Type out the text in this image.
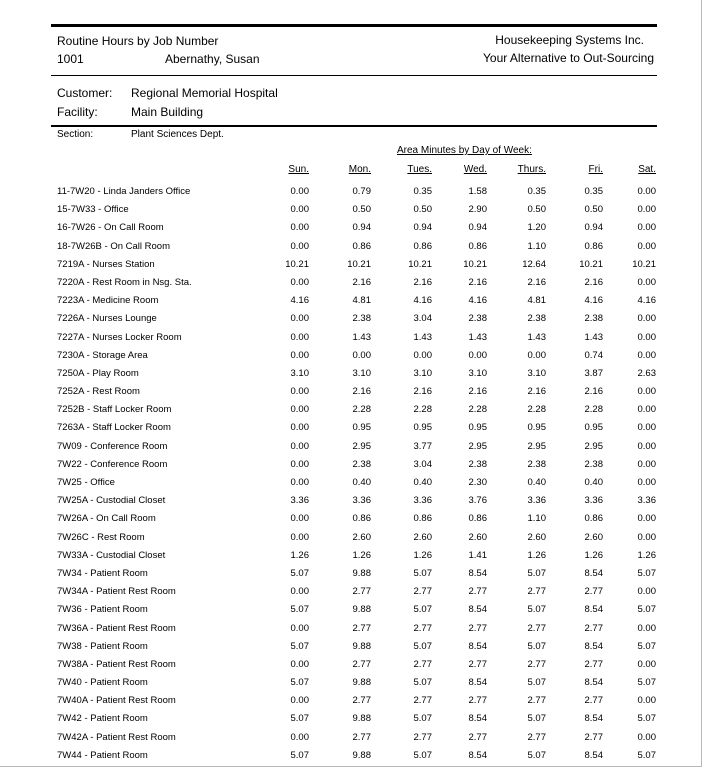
Routine Hours by Job Number
1001	Abernathy, Susan
Housekeeping Systems Inc.
Your Alternative to Out-Sourcing
Customer: Regional Memorial Hospital
Facility:	Main Building
Section:	Plant Sciences Dept.
Area Minutes by Day of Week:
Sun.	Mon.	Tues.	Wed.	Thurs.	Fri.	Sat.
11-7W20 - Linda Janders Office	0.00	0.79	0.35	1.58	0.35	0.35	0.00
15-7W33 - Office	0.00	0.50	0.50	2.90	0.50	0.50	0.00
16-7W26 - On Call Room	0.00	0.94	0.94	0.94	1.20	0.94	0.00
18-7W26B - On Call Room	0.00	0.86	0.86	0.86	1.10	0.86	0.00
7219A - Nurses Station	10.21	10.21	10.21	10.21	12.64	10.21	10.21
7220A - Rest Room in Nsg. Sta.	0.00	2.16	2.16	2.16	2.16	2.16	0.00
7223A - Medicine Room	4.16	4.81	4.16	4.16	4.81	4.16	4.16
7226A - Nurses Lounge	0.00	2.38	3.04	2.38	2.38	2.38	0.00
7227A - Nurses Locker Room	0.00	1.43	1.43	1.43	1.43	1.43	0.00
7230A - Storage Area	0.00	0.00	0.00	0.00	0.00	0.74	0.00
7250A - Play Room	3.10	3.10	3.10	3.10	3.10	3.87	2.63
7252A - Rest Room	0.00	2.16	2.16	2.16	2.16	2.16	0.00
7252B - Staff Locker Room	0.00	2.28	2.28	2.28	2.28	2.28	0.00
7263A - Staff Locker Room	0.00	0.95	0.95	0.95	0.95	0.95	0.00
7W09 - Conference Room	0.00	2.95	3.77	2.95	2.95	2.95	0.00
7W22 - Conference Room	0.00	2.38	3.04	2.38	2.38	2.38	0.00
7W25 - Office	0.00	0.40	0.40	2.30	0.40	0.40	0.00
7W25A - Custodial Closet	3.36	3.36	3.36	3.76	3.36	3.36	3.36
7W26A - On Call Room	0.00	0.86	0.86	0.86	1.10	0.86	0.00
7W26C - Rest Room	0.00	2.60	2.60	2.60	2.60	2.60	0.00
7W33A - Custodial Closet	1.26	1.26	1.26	1.41	1.26	1.26	1.26
7W34 - Patient Room	5.07	9.88	5.07	8.54	5.07	8.54	5.07
7W34A - Patient Rest Room	0.00	2.77	2.77	2.77	2.77	2.77	0.00
7W36 - Patient Room	5.07	9.88	5.07	8.54	5.07	8.54	5.07
7W36A - Patient Rest Room	0.00	2.77	2.77	2.77	2.77	2.77	0.00
7W38 - Patient Room	5.07	9.88	5.07	8.54	5.07	8.54	5.07
7W38A - Patient Rest Room	0.00	2.77	2.77	2.77	2.77	2.77	0.00
7W40 - Patient Room	5.07	9.88	5.07	8.54	5.07	8.54	5.07
7W40A - Patient Rest Room	0.00	2.77	2.77	2.77	2.77	2.77	0.00
7W42 - Patient Room	5.07	9.88	5.07	8.54	5.07	8.54	5.07
7W42A - Patient Rest Room	0.00	2.77	2.77	2.77	2.77	2.77	0.00
7W44 - Patient Room	5.07	9.88	5.07	8.54	5.07	8.54	5.07
